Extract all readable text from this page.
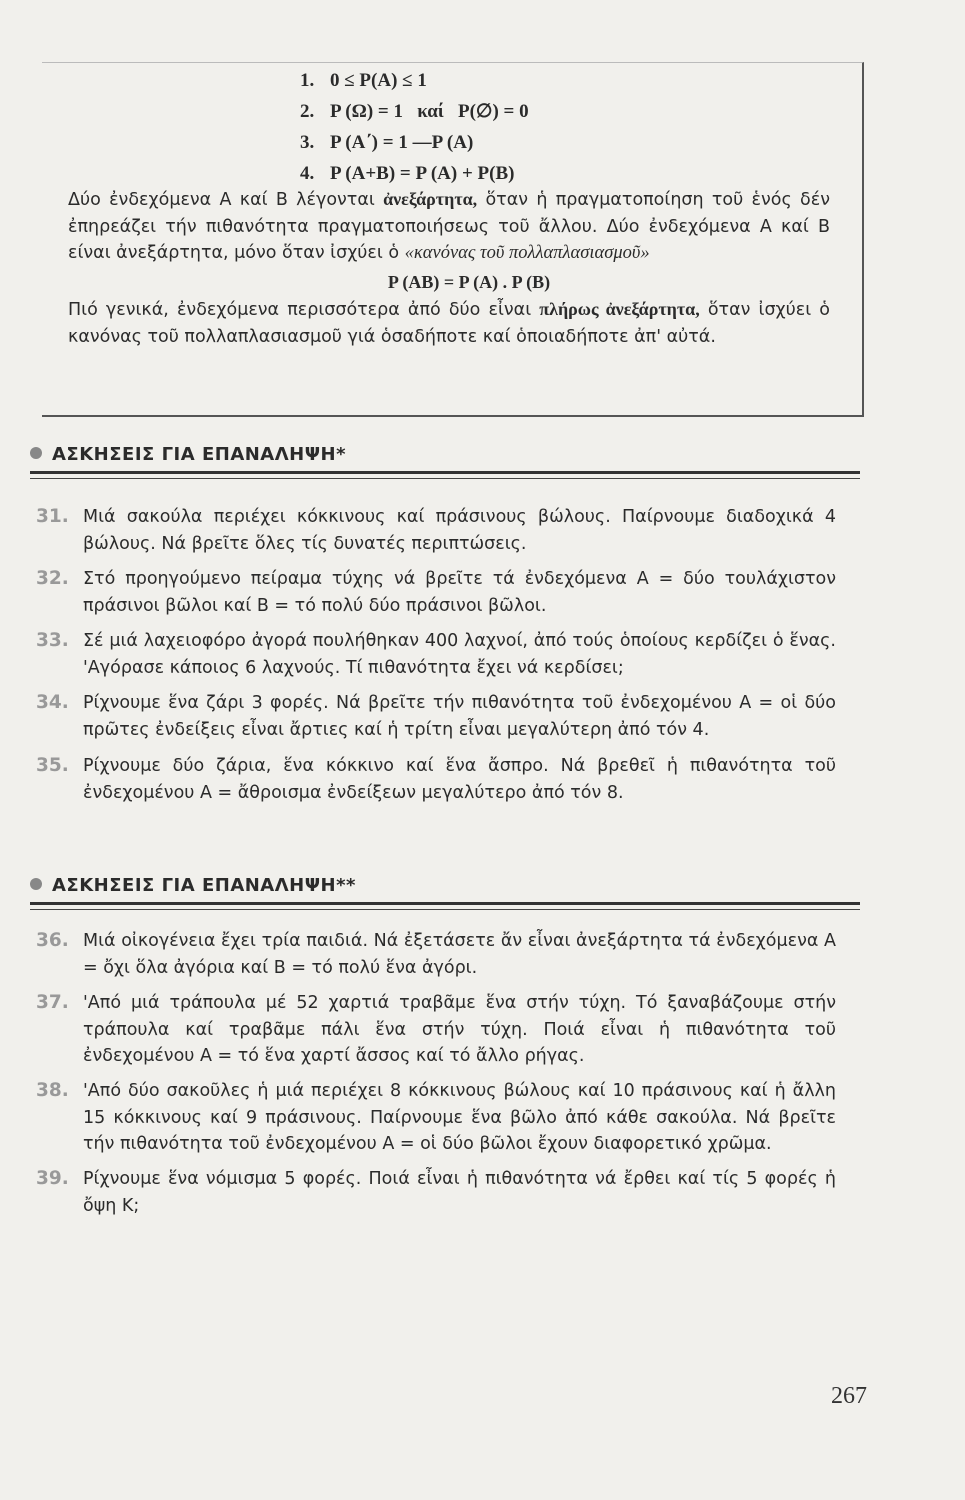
1. 0 ≤ P(A) ≤ 1
2. P (Ω) = 1   καί   P(∅) = 0
3. P (A΄) = 1 —P (A)
4. P (A+B) = P (A) + P(B)

Δύο ἐνδεχόμενα Α καί Β λέγονται ἀνεξάρτητα, ὅταν ἡ πραγματοποίηση τοῦ ἑνός δέν ἐπηρεάζει τήν πιθανότητα πραγματοποιήσεως τοῦ ἄλλου. Δύο ἐνδεχόμενα Α καί Β είναι ἀνεξάρτητα, μόνο ὅταν ἰσχύει ὁ «κανόνας τοῦ πολλαπλασιασμοῦ»

P (AB) = P (A) . P (B)

Πιό γενικά, ἐνδεχόμενα περισσότερα ἀπό δύο εἶναι πλήρως ἀνεξάρτητα, ὅταν ἰσχύει ὁ κανόνας τοῦ πολλαπλασιασμοῦ γιά ὁσαδήποτε καί ὁποιαδήποτε ἀπ' αὐτά.

ΑΣΚΗΣΕΙΣ ΓΙΑ ΕΠΑΝΑΛΗΨΗ*
31. Μιά σακούλα περιέχει κόκκινους καί πράσινους βώλους. Παίρνουμε διαδοχικά 4 βώλους. Νά βρεῖτε ὅλες τίς δυνατές περιπτώσεις.
32. Στό προηγούμενο πείραμα τύχης νά βρεῖτε τά ἐνδεχόμενα Α = δύο τουλάχιστον πράσινοι βῶλοι καί Β = τό πολύ δύο πράσινοι βῶλοι.
33. Σέ μιά λαχειοφόρο ἀγορά πουλήθηκαν 400 λαχνοί, ἀπό τούς ὁποίους κερδίζει ὁ ἕνας. 'Αγόρασε κάποιος 6 λαχνούς. Τί πιθανότητα ἔχει νά κερδίσει;
34. Ρίχνουμε ἕνα ζάρι 3 φορές. Νά βρεῖτε τήν πιθανότητα τοῦ ἐνδεχομένου Α = οἱ δύο πρῶτες ἐνδείξεις εἶναι ἄρτιες καί ἡ τρίτη εἶναι μεγαλύτερη ἀπό τόν 4.
35. Ρίχνουμε δύο ζάρια, ἕνα κόκκινο καί ἕνα ἄσπρο. Νά βρεθεῖ ἡ πιθανότητα τοῦ ἐνδεχομένου Α = ἄθροισμα ἐνδείξεων μεγαλύτερο ἀπό τόν 8.
ΑΣΚΗΣΕΙΣ ΓΙΑ ΕΠΑΝΑΛΗΨΗ**
36. Μιά οἰκογένεια ἔχει τρία παιδιά. Νά ἐξετάσετε ἄν εἶναι ἀνεξάρτητα τά ἐνδεχόμενα Α = ὄχι ὅλα ἀγόρια καί Β = τό πολύ ἕνα ἀγόρι.
37. 'Από μιά τράπουλα μέ 52 χαρτιά τραβᾶμε ἕνα στήν τύχη. Τό ξαναβάζουμε στήν τράπουλα καί τραβᾶμε πάλι ἕνα στήν τύχη. Ποιά εἶναι ἡ πιθανότητα τοῦ ἐνδεχομένου Α = τό ἕνα χαρτί ἄσσος καί τό ἄλλο ρήγας.
38. 'Από δύο σακοῦλες ἡ μιά περιέχει 8 κόκκινους βώλους καί 10 πράσινους καί ἡ ἄλλη 15 κόκκινους καί 9 πράσινους. Παίρνουμε ἕνα βῶλο ἀπό κάθε σακούλα. Νά βρεῖτε τήν πιθανότητα τοῦ ἐνδεχομένου Α = οἱ δύο βῶλοι ἔχουν διαφορετικό χρῶμα.
39. Ρίχνουμε ἕνα νόμισμα 5 φορές. Ποιά εἶναι ἡ πιθανότητα νά ἔρθει καί τίς 5 φορές ἡ ὄψη Κ;
267
